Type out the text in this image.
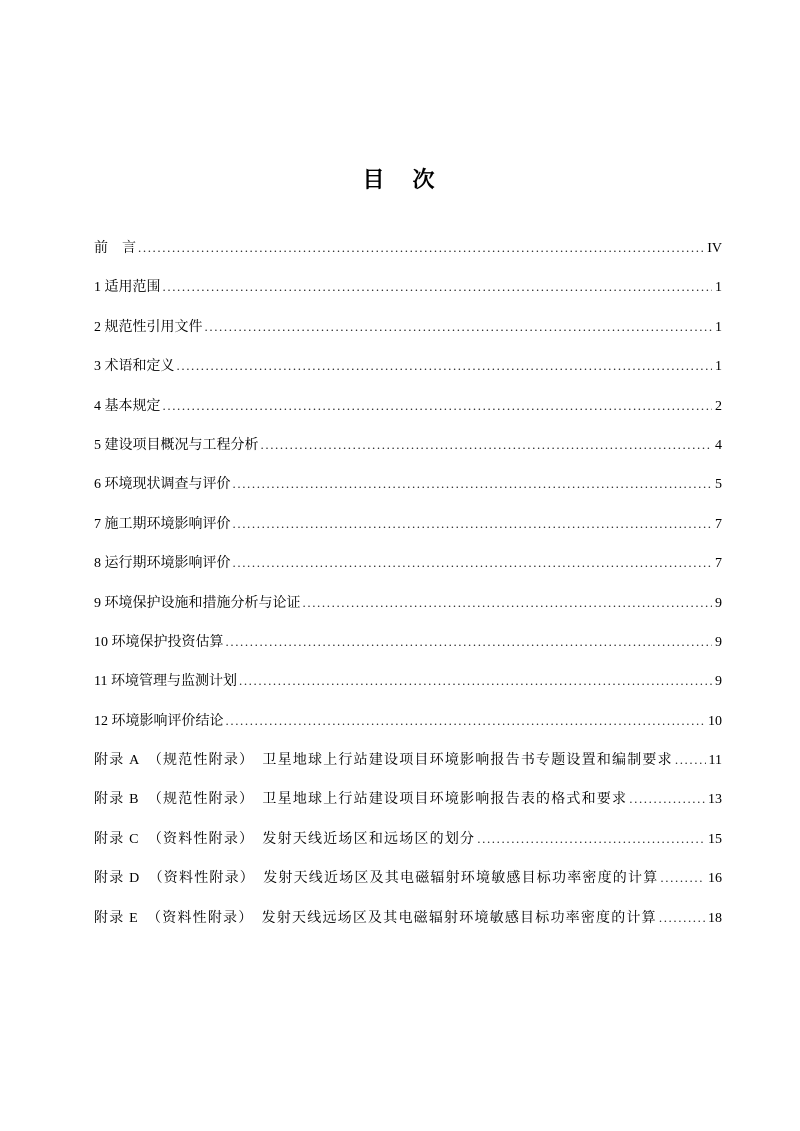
目　次
前　言 .....	IV
1 适用范围 .....	1
2 规范性引用文件 .....	1
3 术语和定义 .....	1
4 基本规定 .....	2
5 建设项目概况与工程分析 .....	4
6 环境现状调查与评价 .....	5
7 施工期环境影响评价 .....	7
8 运行期环境影响评价 .....	7
9 环境保护设施和措施分析与论证 .....	9
10 环境保护投资估算 .....	9
11 环境管理与监测计划 .....	9
12 环境影响评价结论 .....	10
附录 A　（规范性附录）　卫星地球上行站建设项目环境影响报告书专题设置和编制要求 .....	11
附录 B　（规范性附录）　卫星地球上行站建设项目环境影响报告表的格式和要求 .....	13
附录 C　（资料性附录）　发射天线近场区和远场区的划分 .....	15
附录 D　（资料性附录）　发射天线近场区及其电磁辐射环境敏感目标功率密度的计算 .....	16
附录 E　（资料性附录）　发射天线远场区及其电磁辐射环境敏感目标功率密度的计算 .....	18
